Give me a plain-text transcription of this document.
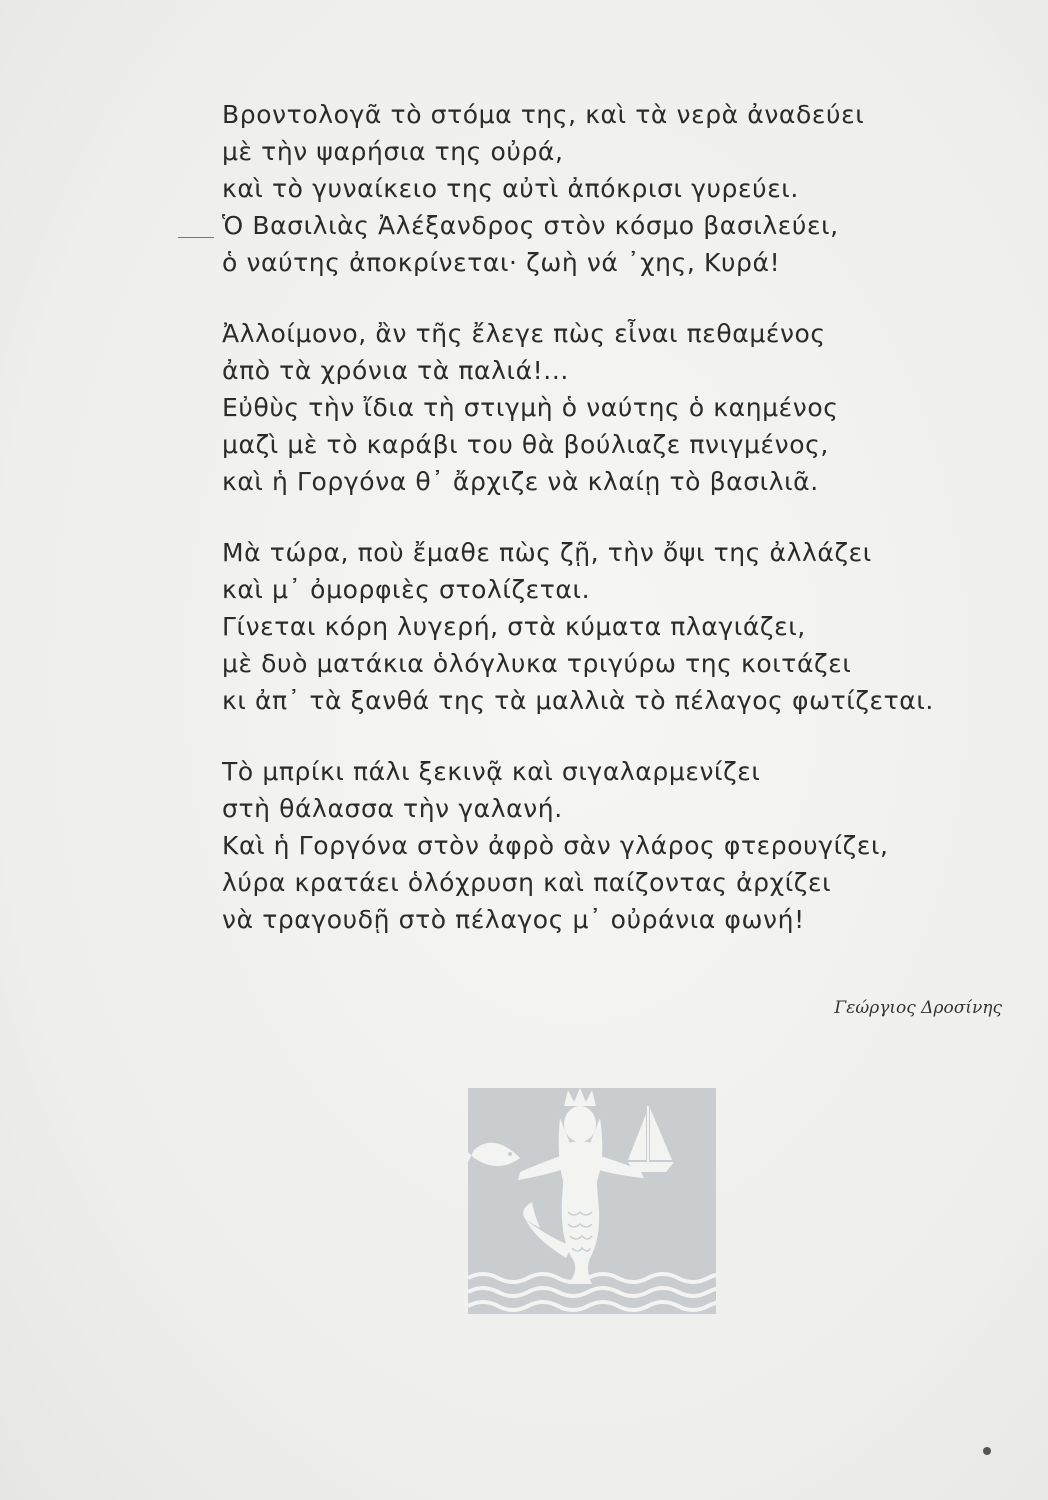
Βροντολογᾶ τὸ στόμα της, καὶ τὰ νερὰ ἀναδεύει
μὲ τὴν ψαρήσια της οὐρά,
καὶ τὸ γυναίκειο της αὐτὶ ἀπόκρισι γυρεύει.
Ὁ Βασιλιὰς Ἀλέξανδρος στὸν κόσμο βασιλεύει,
ὁ ναύτης ἀποκρίνεται· ζωὴ νά ᾽χης, Κυρά!
Ἀλλοίμονο, ἂν τῆς ἔλεγε πὼς εἶναι πεθαμένος
ἀπὸ τὰ χρόνια τὰ παλιά!...
Εὐθὺς τὴν ἴδια τὴ στιγμὴ ὁ ναύτης ὁ καημένος
μαζὶ μὲ τὸ καράβι του θὰ βούλιαζε πνιγμένος,
καὶ ἡ Γοργόνα θ᾽ ἄρχιζε νὰ κλαίῃ τὸ βασιλιᾶ.
Μὰ τώρα, ποὺ ἔμαθε πὼς ζῇ, τὴν ὄψι της ἀλλάζει
καὶ μ᾽ ὀμορφιὲς στολίζεται.
Γίνεται κόρη λυγερή, στὰ κύματα πλαγιάζει,
μὲ δυὸ ματάκια ὁλόγλυκα τριγύρω της κοιτάζει
κι ἀπ᾽ τὰ ξανθά της τὰ μαλλιὰ τὸ πέλαγος φωτίζεται.
Τὸ μπρίκι πάλι ξεκινᾷ καὶ σιγαλαρμενίζει
στὴ θάλασσα τὴν γαλανή.
Καὶ ἡ Γοργόνα στὸν ἀφρὸ σὰν γλάρος φτερουγίζει,
λύρα κρατάει ὁλόχρυση καὶ παίζοντας ἀρχίζει
νὰ τραγουδῇ στὸ πέλαγος μ᾽ οὐράνια φωνή!
Γεώργιος Δροσίνης
